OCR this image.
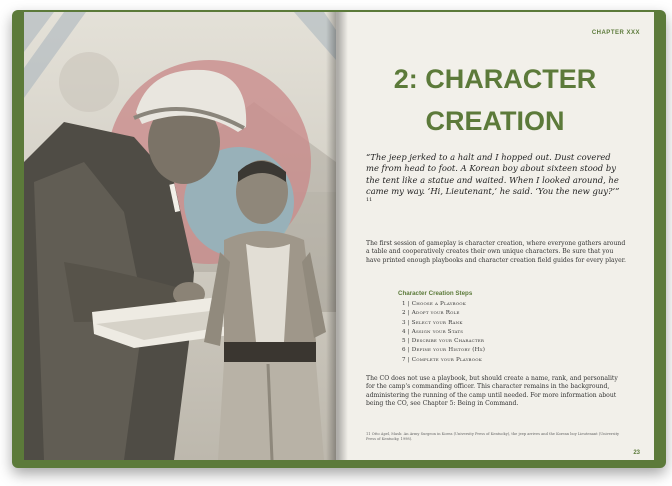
CHAPTER XXX
2: CHARACTER
CREATION

“The jeep jerked to a halt and I hopped out. Dust covered me from head to foot. A Korean boy about sixteen stood by the tent like a statue and waited. When I looked around, he came my way. ‘Hi, Lieutenant,’ he said. ‘You the new guy?’” $^{11}$

The first session of gameplay is character creation, where everyone gathers around a table and cooperatively creates their own unique characters. Be sure that you have printed enough playbooks and character creation field guides for every player.

Character Creation Steps
1 | Choose a Playbook
2 | Adopt your Role
3 | Select your Rank
4 | Assign your Stats
5 | Describe your Character
6 | Define your History (Hx)
7 | Complete your Playbook

The CO does not use a playbook, but should create a name, rank, and personality for the camp's commanding officer. This character remains in the background, administering the running of the camp until needed. For more information about being the CO, see Chapter 5: Being in Command.

11 Otto Apel, Mash: An Army Surgeon in Korea (University Press of Kentucky), the jeep arrives and the Korean boy Lieutenant (University Press of Kentucky, 1998).

23
